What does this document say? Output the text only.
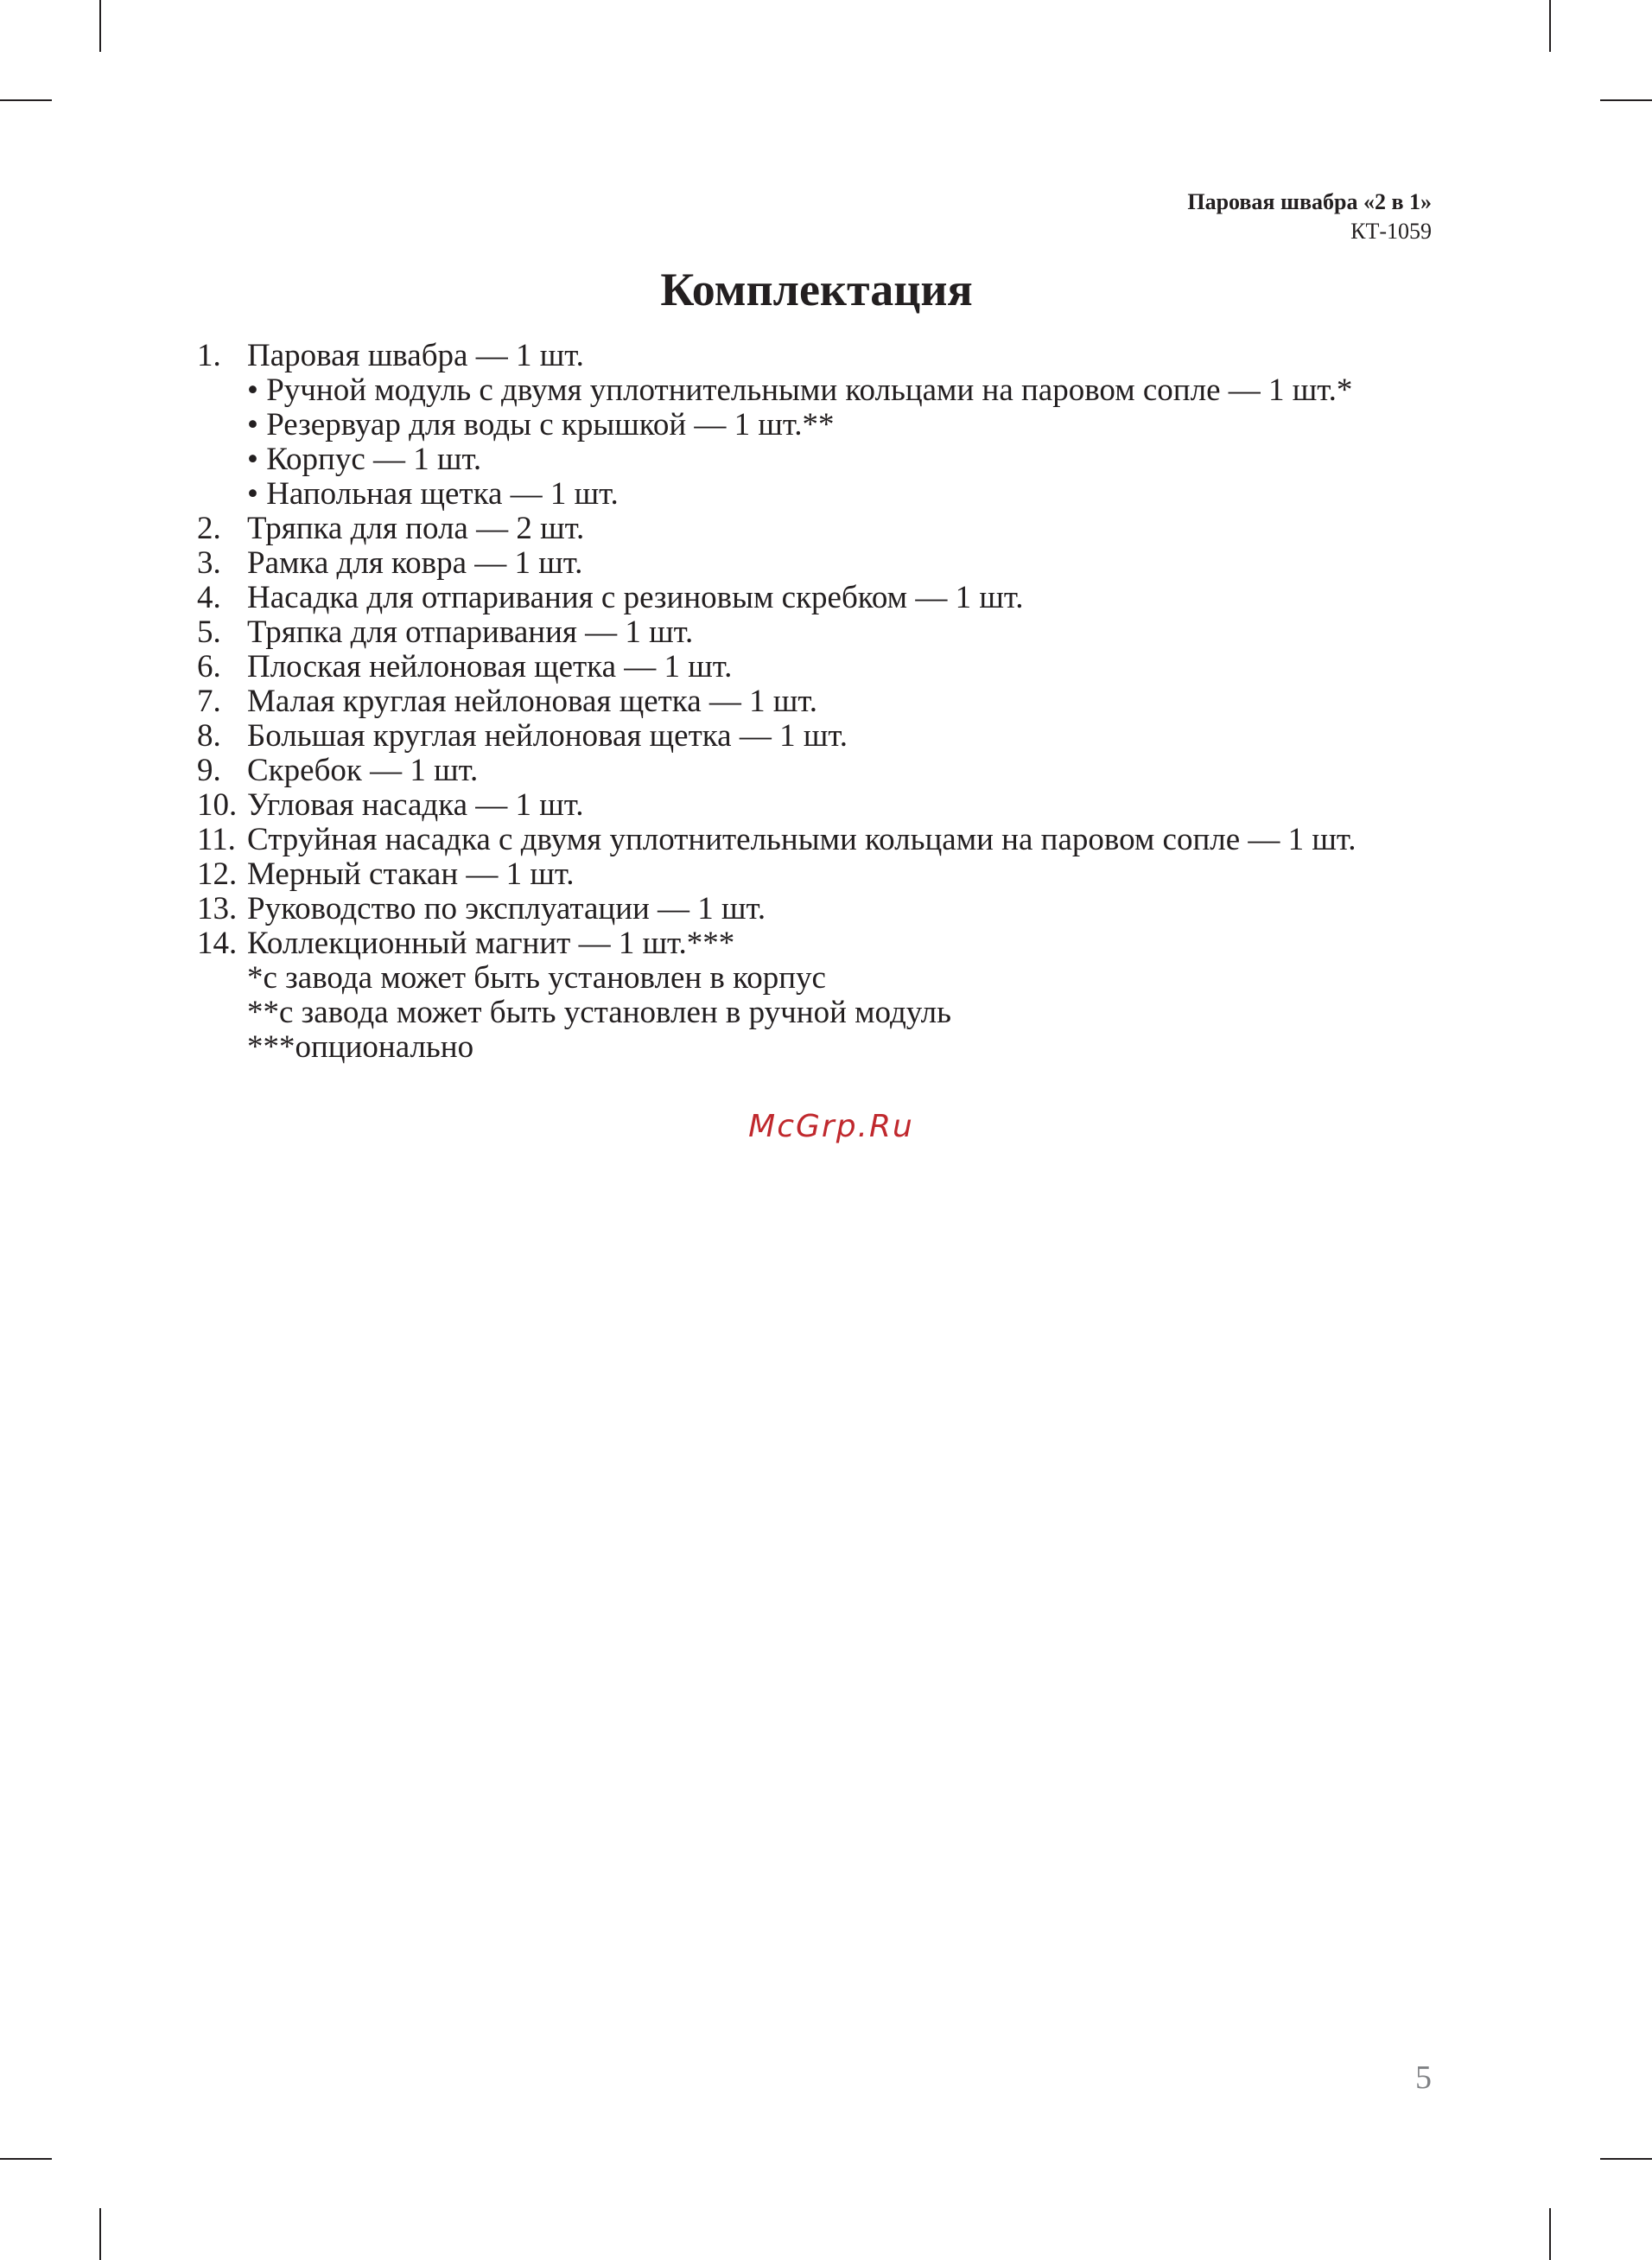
Паровая швабра «2 в 1»
КТ-1059
Комплектация
1. Паровая швабра — 1 шт.
• Ручной модуль с двумя уплотнительными кольцами на паровом сопле — 1 шт.*
• Резервуар для воды с крышкой — 1 шт.**
• Корпус — 1 шт.
• Напольная щетка — 1 шт.
2. Тряпка для пола — 2 шт.
3. Рамка для ковра — 1 шт.
4. Насадка для отпаривания с резиновым скребком — 1 шт.
5. Тряпка для отпаривания — 1 шт.
6. Плоская нейлоновая щетка — 1 шт.
7. Малая круглая нейлоновая щетка — 1 шт.
8. Большая круглая нейлоновая щетка — 1 шт.
9. Скребок — 1 шт.
10. Угловая насадка — 1 шт.
11. Струйная насадка с двумя уплотнительными кольцами на паровом сопле — 1 шт.
12. Мерный стакан — 1 шт.
13. Руководство по эксплуатации — 1 шт.
14. Коллекционный магнит — 1 шт.***
*с завода может быть установлен в корпус
**с завода может быть установлен в ручной модуль
***опционально
McGrp.Ru
5
